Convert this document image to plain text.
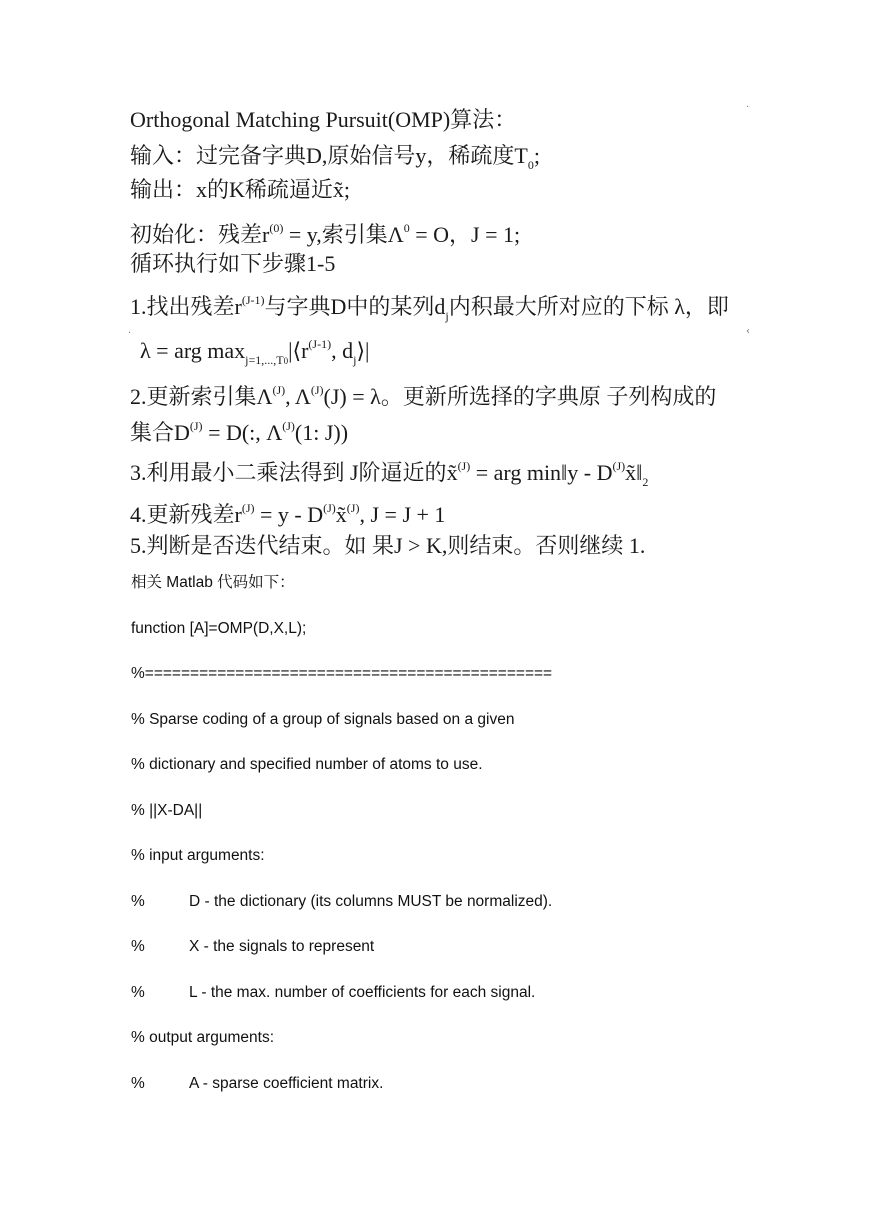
Orthogonal Matching Pursuit(OMP)算法：
输入：过完备字典D,原始信号y，稀疏度$T_0$;
输出：x的K稀疏逼近x̃;
初始化：残差$r^{(0)} = y$,索引集$\Lambda^0 = O$，J = 1;
循环执行如下步骤1-5
1.找出残差$r^{(J-1)}$与字典D中的某列$d_j$内积最大所对应的下标 λ，即
λ = arg $\max_{j=1,...,T0}|⟨r^{(J-1)}$, $d_j⟩|$
2.更新索引集$\Lambda^{(J)}$, $\Lambda^{(J)}(J) = \lambda$。更新所选择的字典原 子列构成的
集合$D^{(J)} = D$(:, $\Lambda^{(J)}(1$: J))
3.利用最小二乘法得到 J阶逼近的x̃$^{(J)}$ = arg min‖y - $D^{(J)}x̃‖_2$
4.更新残差$r^{(J)} = y$ - $D^{(J)}x̃^{(J)}$, J = J + 1
5.判断是否迭代结束。如 果J > K,则结束。否则继续 1.
·
‹
·
相关 Matlab 代码如下：
function [A]=OMP(D,X,L);
%=============================================
% Sparse coding of a group of signals based on a given
% dictionary and specified number of atoms to use.
% ||X-DA||
% input arguments:
%	D - the dictionary (its columns MUST be normalized).
%	X - the signals to represent
%	L - the max. number of coefficients for each signal.
% output arguments:
%	A - sparse coefficient matrix.
